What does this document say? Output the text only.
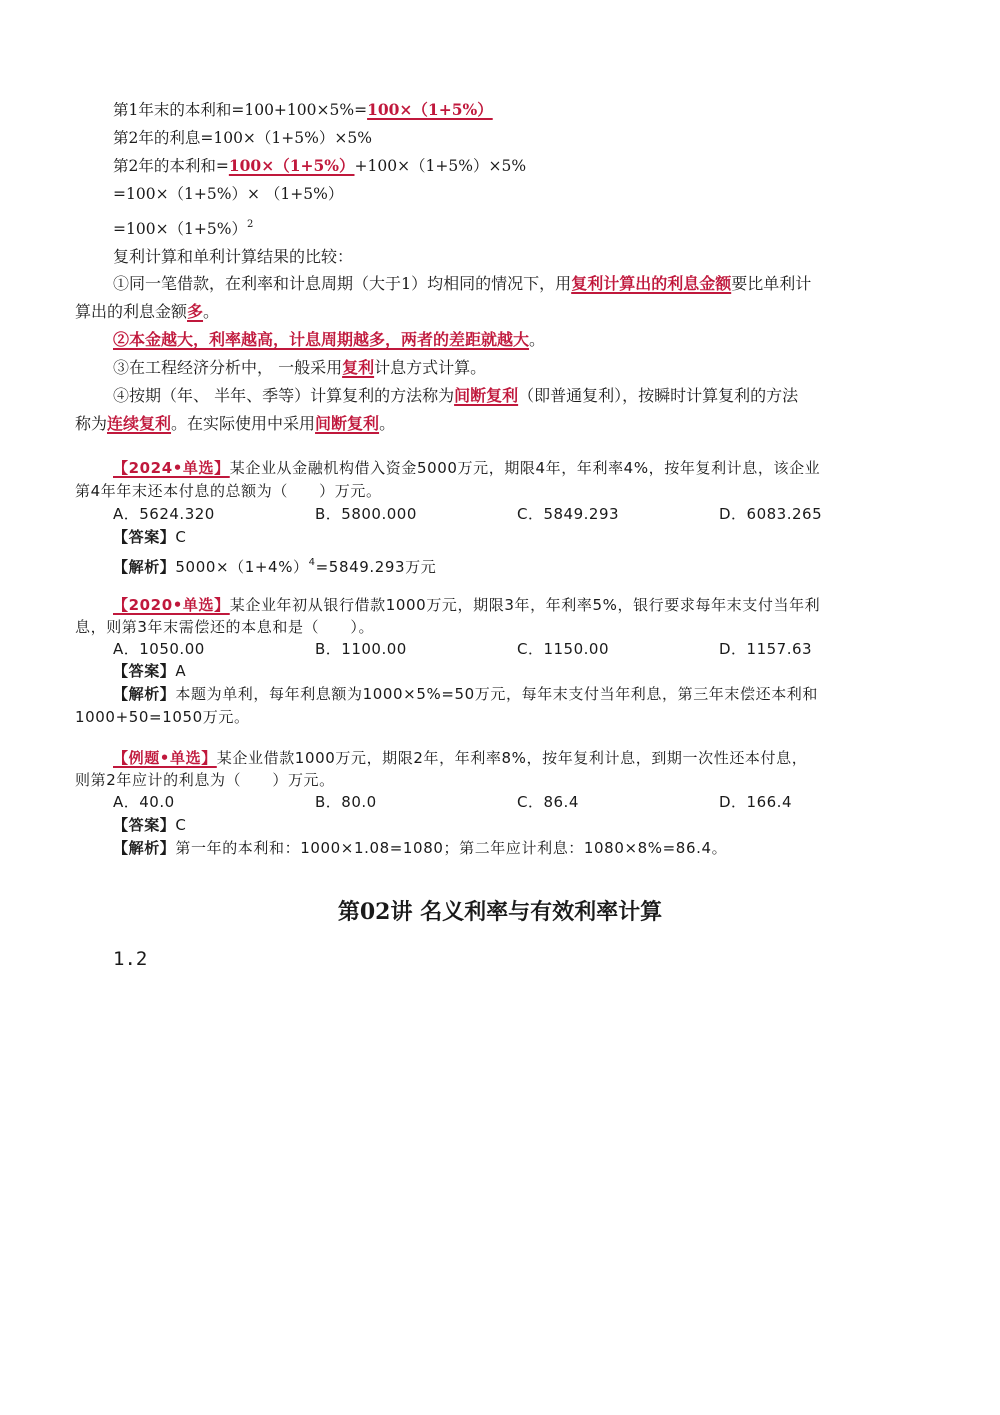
第1年末的本利和=100+100×5%=100×（1+5%）
第2年的利息=100×（1+5%）×5%
第2年的本利和=100×（1+5%）+100×（1+5%）×5%
=100×（1+5%）× （1+5%）
$=100\times(1+5\%)^2$
复利计算和单利计算结果的比较：
①同一笔借款，在利率和计息周期（大于1）均相同的情况下，用复利计算出的利息金额要比单利计
算出的利息金额多。
②本金越大，利率越高，计息周期越多，两者的差距就越大。
③在工程经济分析中， 一般采用复利计息方式计算。
④按期（年、 半年、季等）计算复利的方法称为间断复利（即普通复利），按瞬时计算复利的方法
称为连续复利。在实际使用中采用间断复利。
【2024•单选】某企业从金融机构借入资金5000万元，期限4年，年利率4%，按年复利计息，该企业
第4年年末还本付息的总额为（　　）万元。
A．5624.320	B．5800.000	C．5849.293	D．6083.265
【答案】C
【解析】$5000\times(1+4\%)^4=5849.293$万元
【2020•单选】某企业年初从银行借款1000万元，期限3年，年利率5%，银行要求每年末支付当年利
息，则第3年末需偿还的本息和是（　　）。
A．1050.00	B．1100.00	C．1150.00	D．1157.63
【答案】A
【解析】本题为单利，每年利息额为1000×5%=50万元，每年末支付当年利息，第三年末偿还本利和
1000+50=1050万元。
【例题•单选】某企业借款1000万元，期限2年，年利率8%，按年复利计息，到期一次性还本付息，
则第2年应计的利息为（　　）万元。
A．40.0	B．80.0	C．86.4	D．166.4
【答案】C
【解析】第一年的本利和：1000×1.08=1080；第二年应计利息：1080×8%=86.4。
第02讲 名义利率与有效利率计算
1.2
